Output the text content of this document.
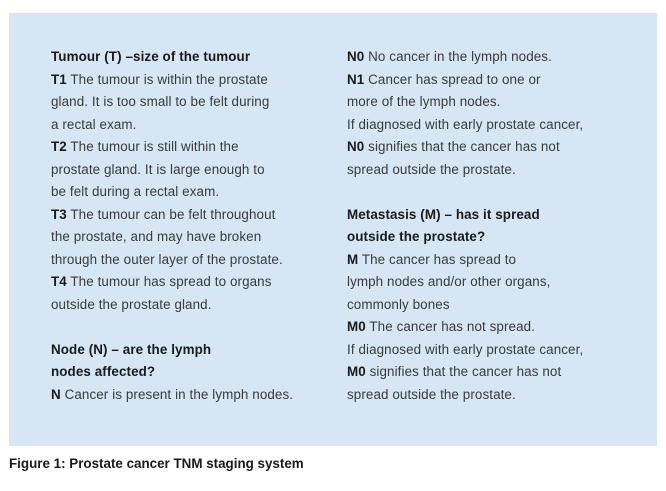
Tumour (T) –size of the tumour
T1 The tumour is within the prostate
gland. It is too small to be felt during
a rectal exam.
T2 The tumour is still within the
prostate gland. It is large enough to
be felt during a rectal exam.
T3 The tumour can be felt throughout
the prostate, and may have broken
through the outer layer of the prostate.
T4 The tumour has spread to organs
outside the prostate gland.
Node (N) – are the lymph
nodes affected?
N Cancer is present in the lymph nodes.
N0 No cancer in the lymph nodes.
N1 Cancer has spread to one or
more of the lymph nodes.
If diagnosed with early prostate cancer,
N0 signifies that the cancer has not
spread outside the prostate.
Metastasis (M) – has it spread
outside the prostate?
M The cancer has spread to
lymph nodes and/or other organs,
commonly bones
M0 The cancer has not spread.
If diagnosed with early prostate cancer,
M0 signifies that the cancer has not
spread outside the prostate.
Figure 1: Prostate cancer TNM staging system
